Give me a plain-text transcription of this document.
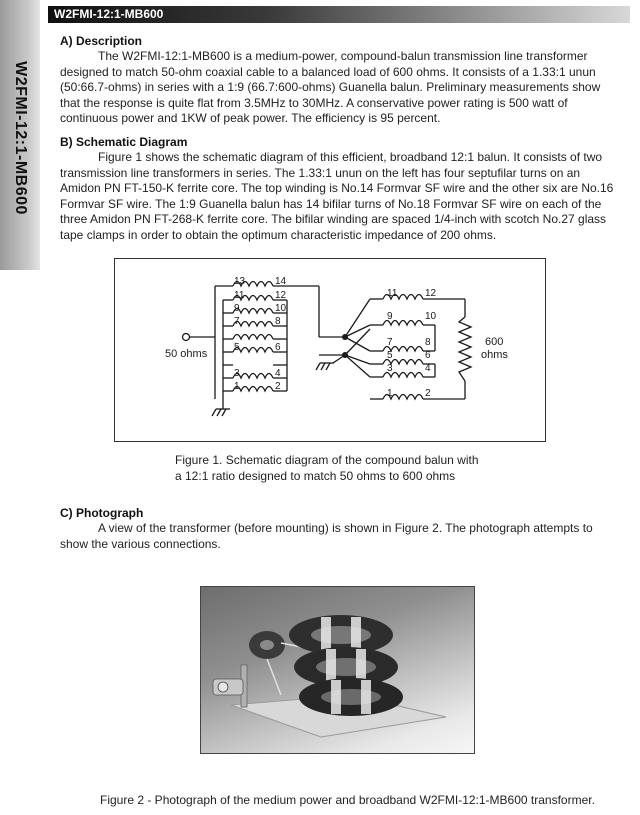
W2FMI-12:1-MB600
W2FMI-12:1-MB600
A) Description
The W2FMI-12:1-MB600 is a medium-power, compound-balun transmission line transformer designed to match 50-ohm coaxial cable to a balanced load of 600 ohms. It consists of a 1.33:1 unun (50:66.7-ohms) in series with a 1:9 (66.7:600-ohms) Guanella balun. Preliminary measurements show that the response is quite flat from 3.5MHz to 30MHz. A conservative power rating is 500 watt of continuous power and 1KW of peak power. The efficiency is 95 percent.
B) Schematic Diagram
Figure 1 shows the schematic diagram of this efficient, broadband 12:1 balun. It consists of two transmission line transformers in series. The 1.33:1 unun on the left has four septufilar turns on an Amidon PN FT-150-K ferrite core. The top winding is No.14 Formvar SF wire and the other six are No.16 Formvar SF wire. The 1:9 Guanella balun has 14 bifilar turns of No.18 Formvar SF wire on each of the three Amidon PN FT-268-K ferrite core. The bifilar winding are spaced 1/4-inch with scotch No.27 glass tape clamps in order to obtain the optimum characteristic impedance of 200 ohms.
13	14
11	12
9	10
7	8
5	6
3	4
1	2
11	12
9	10
7	8
5	6
3	4
1	2
50 ohms
600
ohms
Figure 1. Schematic diagram of the compound balun with
a 12:1 ratio designed to match 50 ohms to 600 ohms
C) Photograph
A view of the transformer (before mounting) is shown in Figure 2. The photograph attempts to show the various connections.
Figure 2 - Photograph of the medium power and broadband W2FMI-12:1-MB600 transformer.
